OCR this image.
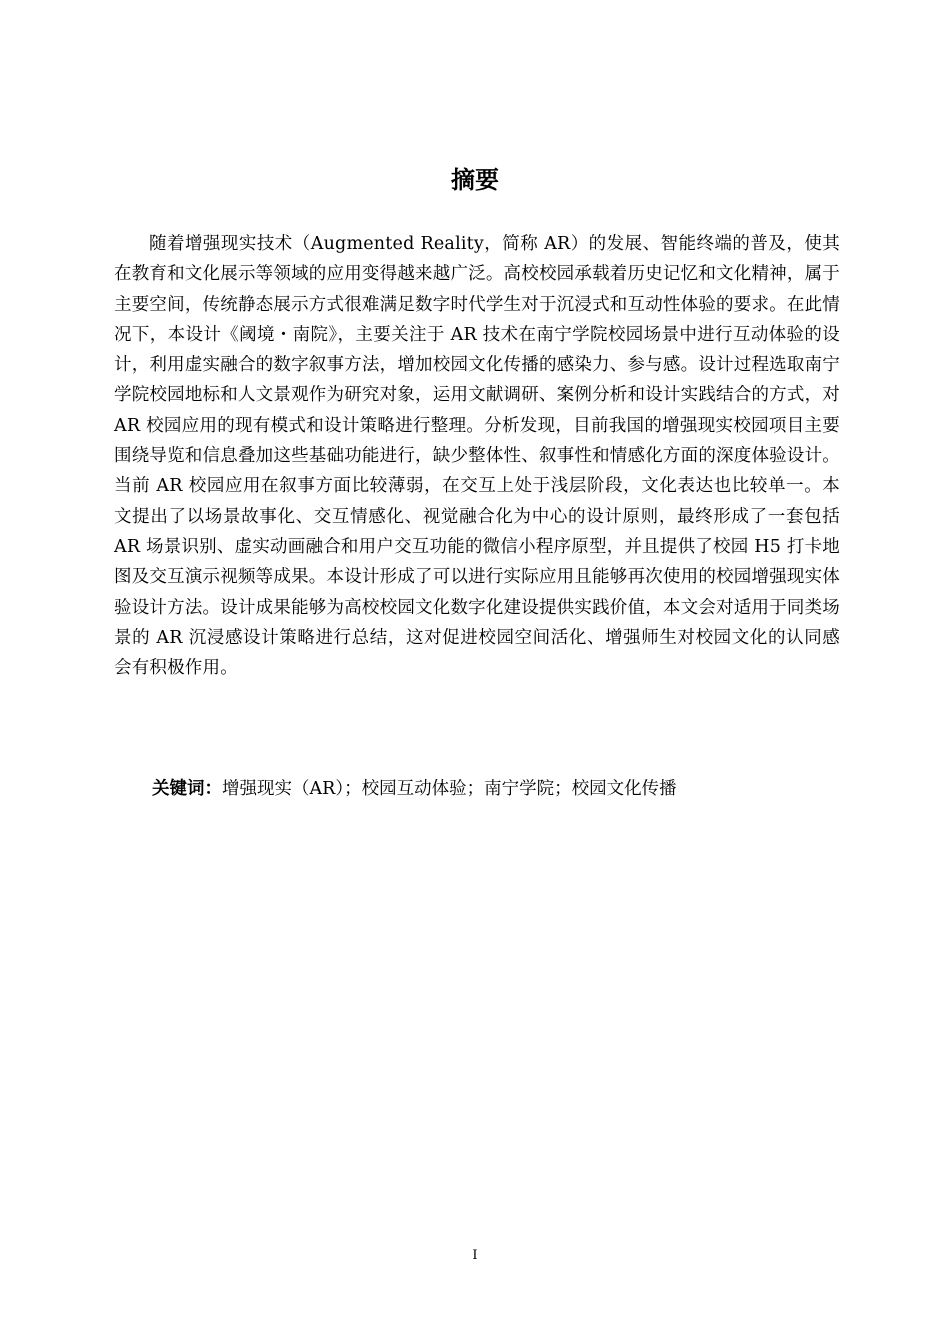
摘要

随着增强现实技术（Augmented Reality，简称 AR）的发展、智能终端的普及，使其在教育和文化展示等领域的应用变得越来越广泛。高校校园承载着历史记忆和文化精神，属于主要空间，传统静态展示方式很难满足数字时代学生对于沉浸式和互动性体验的要求。在此情况下，本设计《阈境・南院》，主要关注于 AR 技术在南宁学院校园场景中进行互动体验的设计，利用虚实融合的数字叙事方法，增加校园文化传播的感染力、参与感。设计过程选取南宁学院校园地标和人文景观作为研究对象，运用文献调研、案例分析和设计实践结合的方式，对 AR 校园应用的现有模式和设计策略进行整理。分析发现，目前我国的增强现实校园项目主要围绕导览和信息叠加这些基础功能进行，缺少整体性、叙事性和情感化方面的深度体验设计。当前 AR 校园应用在叙事方面比较薄弱，在交互上处于浅层阶段，文化表达也比较单一。本文提出了以场景故事化、交互情感化、视觉融合化为中心的设计原则，最终形成了一套包括 AR 场景识别、虚实动画融合和用户交互功能的微信小程序原型，并且提供了校园 H5 打卡地图及交互演示视频等成果。本设计形成了可以进行实际应用且能够再次使用的校园增强现实体验设计方法。设计成果能够为高校校园文化数字化建设提供实践价值，本文会对适用于同类场景的 AR 沉浸感设计策略进行总结，这对促进校园空间活化、增强师生对校园文化的认同感会有积极作用。

关键词：增强现实（AR）；校园互动体验；南宁学院；校园文化传播

I
